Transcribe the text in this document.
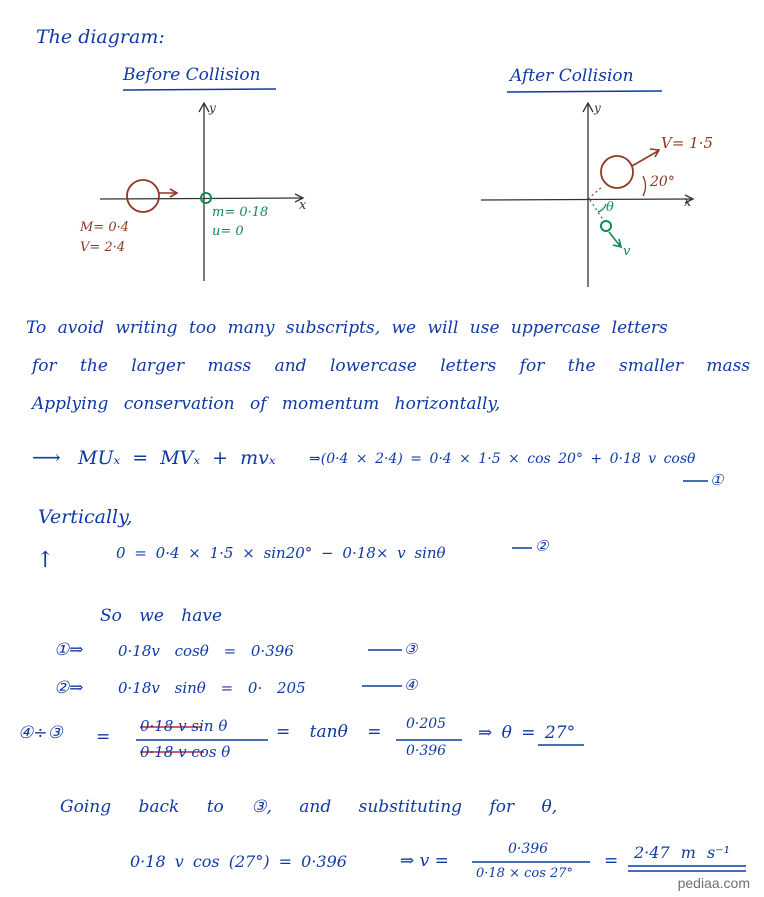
The diagram:
Before Collision	After Collision
y
x
M= 0·4
V= 2·4
m= 0·18
u= 0
y
x
V= 1·5
20°
θ
v
To avoid writing too many subscripts, we will use uppercase letters
for the larger mass and lowercase letters for the smaller mass
Applying conservation of momentum horizontally,
⟶ MUₓ = MVₓ + mvₓ ⇒(0·4 × 2·4) = 0·4 × 1·5 × cos 20° + 0·18 v cosθ
①
Vertically,
↑	0 = 0·4 × 1·5 × sin20° − 0·18× v sinθ	②
So we have
①⇒ 0·18v cosθ = 0·396	③
②⇒ 0·18v sinθ = 0· 205	④
④÷③ =
0·18 v sin θ
0·18 v cos θ
= tanθ = 0·205
0·396
⇒ θ = 27°
Going back to ③, and substituting for θ,
0·18 v cos (27°) = 0·396	⇒ v =
0·396
0·18 × cos 27°
= 2·47 m s⁻¹
pediaa.com
